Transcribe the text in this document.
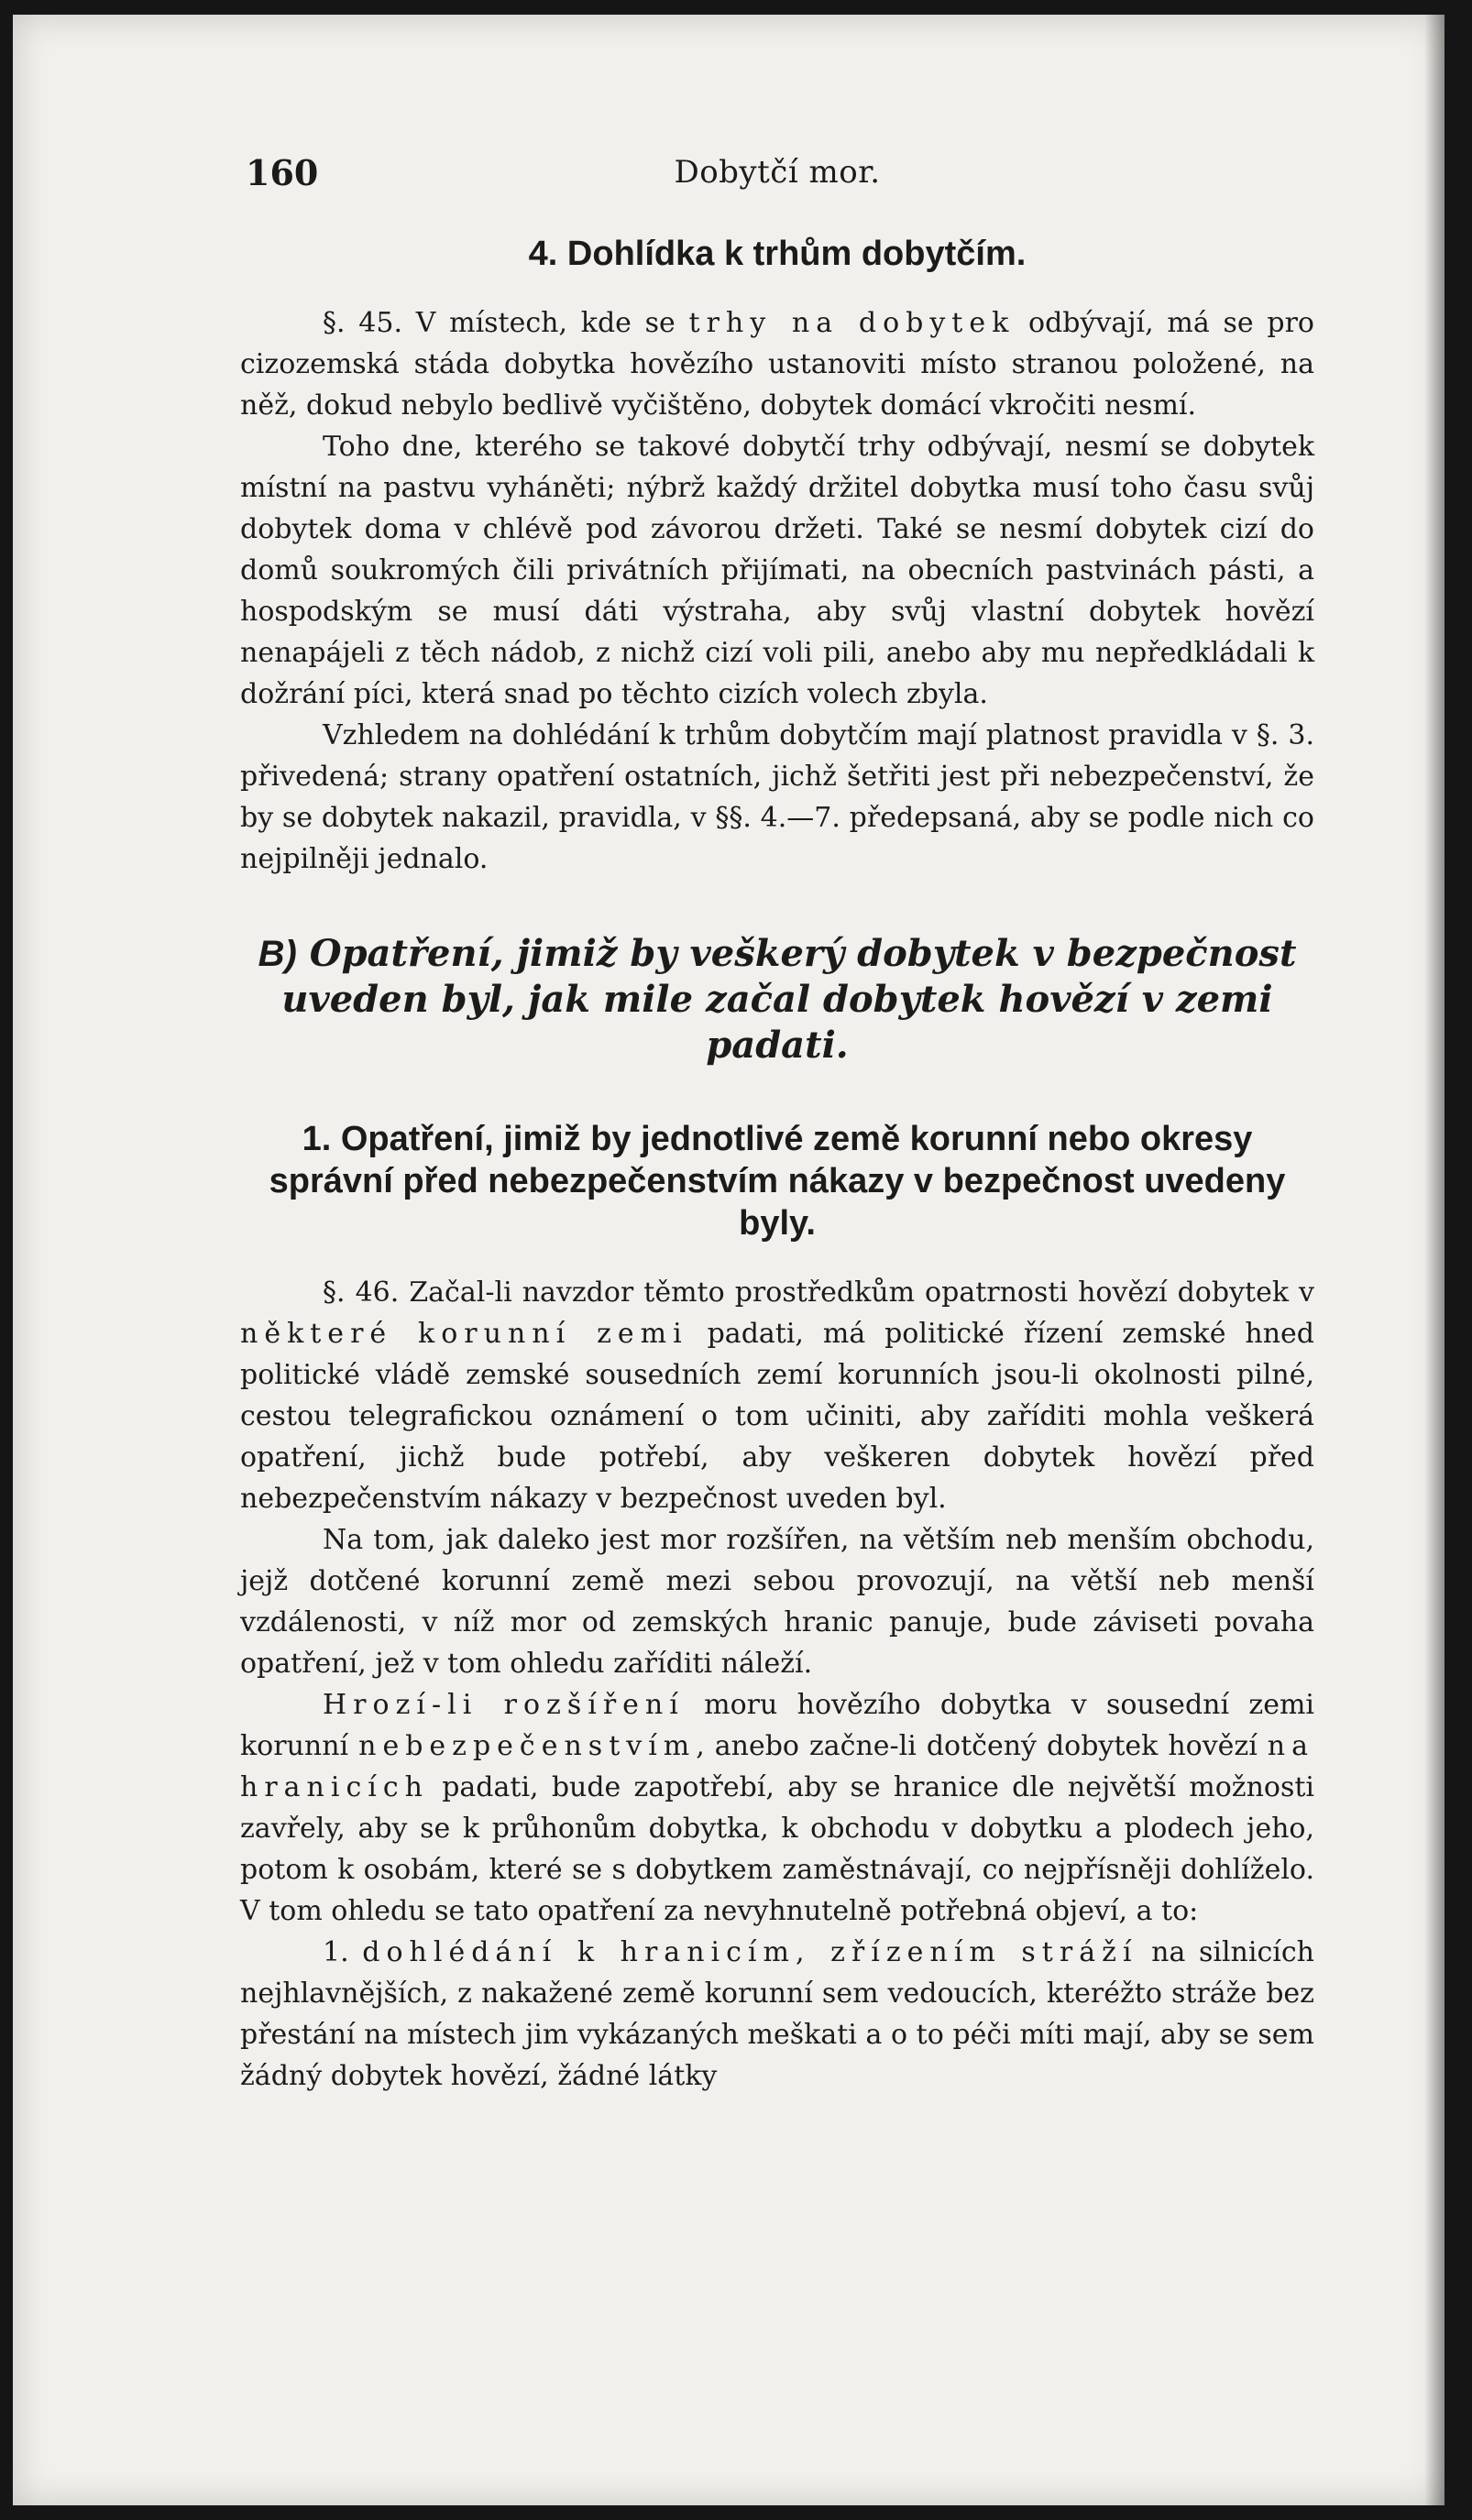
160	Dobytčí mor.
4. Dohlídka k trhům dobytčím.

§. 45. V místech, kde se trhy na dobytek odbývají, má se pro cizozemská stáda dobytka hovězího ustanoviti místo stranou položené, na něž, dokud nebylo bedlivě vyčištěno, dobytek domácí vkročiti nesmí.

Toho dne, kterého se takové dobytčí trhy odbývají, nesmí se dobytek místní na pastvu vyháněti; nýbrž každý držitel dobytka musí toho času svůj dobytek doma v chlévě pod závorou držeti. Také se nesmí dobytek cizí do domů soukromých čili privátních přijímati, na obecních pastvinách pásti, a hospodským se musí dáti výstraha, aby svůj vlastní dobytek hovězí nenapájeli z těch nádob, z nichž cizí voli pili, anebo aby mu nepředkládali k dožrání píci, která snad po těchto cizích volech zbyla.

Vzhledem na dohlédání k trhům dobytčím mají platnost pravidla v §. 3. přivedená; strany opatření ostatních, jichž šetřiti jest při nebezpečenství, že by se dobytek nakazil, pravidla, v §§. 4.—7. předepsaná, aby se podle nich co nejpilněji jednalo.

B) Opatření, jimiž by veškerý dobytek v bezpečnost uveden byl, jak mile začal dobytek hovězí v zemi padati.
1. Opatření, jimiž by jednotlivé země korunní nebo okresy správní před nebezpečenstvím nákazy v bezpečnost uvedeny byly.

§. 46. Začal-li navzdor těmto prostředkům opatrnosti hovězí dobytek v některé korunní zemi padati, má politické řízení zemské hned politické vládě zemské sousedních zemí korunních jsou-li okolnosti pilné, cestou telegrafickou oznámení o tom učiniti, aby zaříditi mohla veškerá opatření, jichž bude potřebí, aby veškeren dobytek hovězí před nebezpečenstvím nákazy v bezpečnost uveden byl.

Na tom, jak daleko jest mor rozšířen, na větším neb menším obchodu, jejž dotčené korunní země mezi sebou provozují, na větší neb menší vzdálenosti, v níž mor od zemských hranic panuje, bude záviseti povaha opatření, jež v tom ohledu zaříditi náleží.

Hrozí-li rozšíření moru hovězího dobytka v sousední zemi korunní nebezpečenstvím, anebo začne-li dotčený dobytek hovězí na hranicích padati, bude zapotřebí, aby se hranice dle největší možnosti zavřely, aby se k průhonům dobytka, k obchodu v dobytku a plodech jeho, potom k osobám, které se s dobytkem zaměstnávají, co nejpřísněji dohlíželo. V tom ohledu se tato opatření za nevyhnutelně potřebná objeví, a to:

1. dohlédání k hranicím, zřízením stráží na silnicích nejhlavnějších, z nakažené země korunní sem vedoucích, kteréžto stráže bez přestání na místech jim vykázaných meškati a o to péči míti mají, aby se sem žádný dobytek hovězí, žádné látky
